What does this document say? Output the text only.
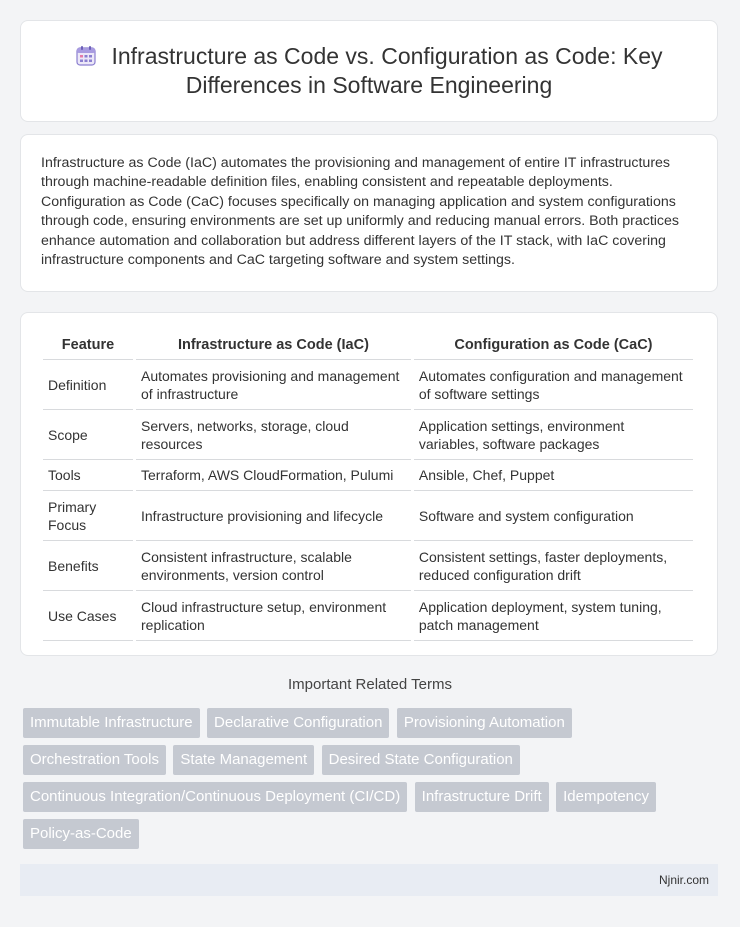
Infrastructure as Code vs. Configuration as Code: Key Differences in Software Engineering

Infrastructure as Code (IaC) automates the provisioning and management of entire IT infrastructures through machine-readable definition files, enabling consistent and repeatable deployments. Configuration as Code (CaC) focuses specifically on managing application and system configurations through code, ensuring environments are set up uniformly and reducing manual errors. Both practices enhance automation and collaboration but address different layers of the IT stack, with IaC covering infrastructure components and CaC targeting software and system settings.

Feature	Infrastructure as Code (IaC)	Configuration as Code (CaC)
Definition	Automates provisioning and management of infrastructure	Automates configuration and management of software settings
Scope	Servers, networks, storage, cloud resources	Application settings, environment variables, software packages
Tools	Terraform, AWS CloudFormation, Pulumi	Ansible, Chef, Puppet
Primary Focus	Infrastructure provisioning and lifecycle	Software and system configuration
Benefits	Consistent infrastructure, scalable environments, version control	Consistent settings, faster deployments, reduced configuration drift
Use Cases	Cloud infrastructure setup, environment replication	Application deployment, system tuning, patch management
Important Related Terms
Immutable Infrastructure Declarative Configuration Provisioning Automation
Orchestration Tools State Management Desired State Configuration
Continuous Integration/Continuous Deployment (CI/CD) Infrastructure Drift Idempotency
Policy-as-Code
Njnir.com
